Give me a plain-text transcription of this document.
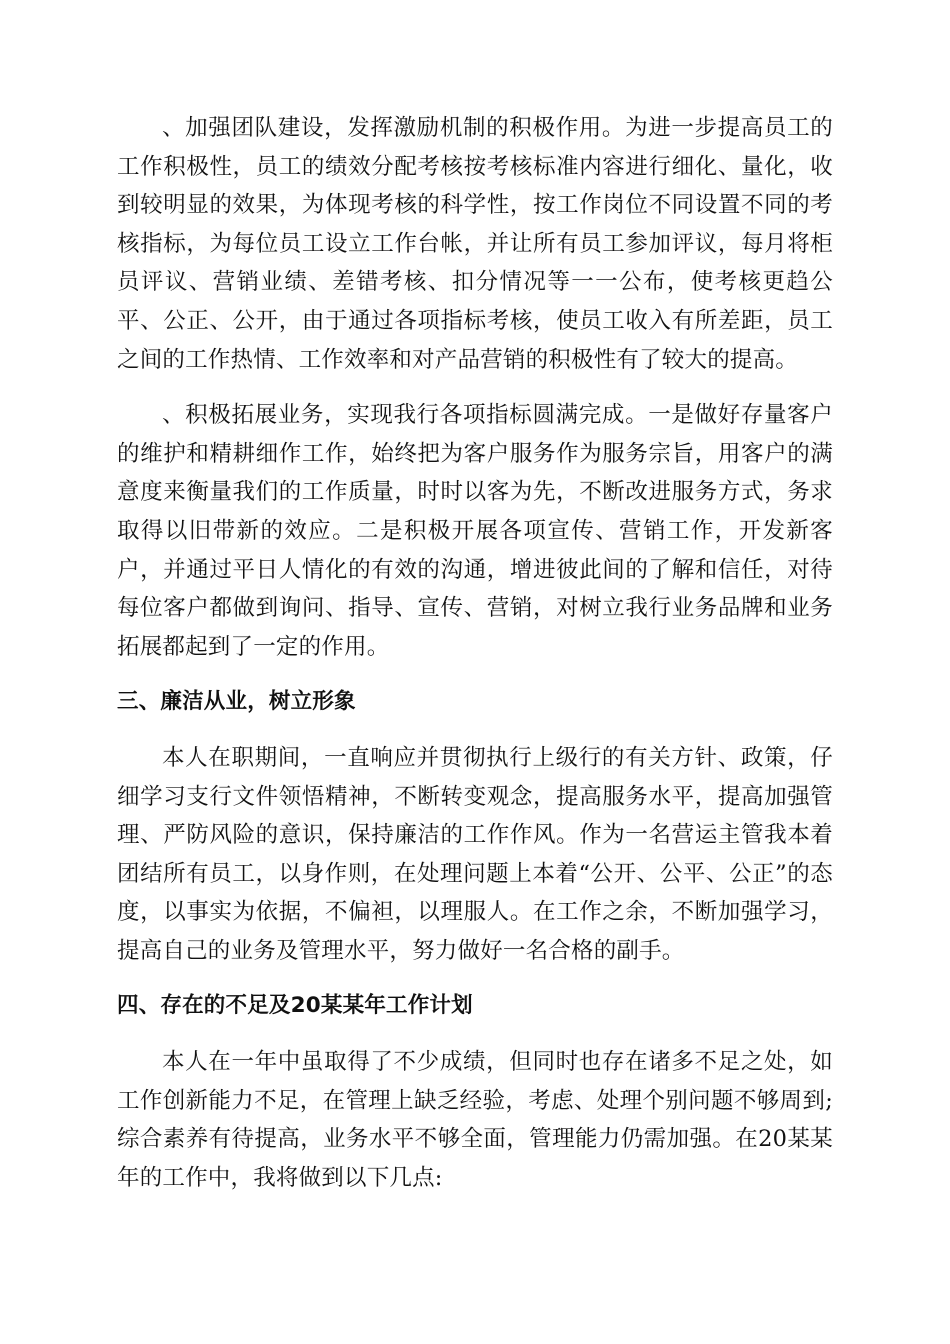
、加强团队建设，发挥激励机制的积极作用。为进一步提高员工的工作积极性，员工的绩效分配考核按考核标准内容进行细化、量化，收到较明显的效果，为体现考核的科学性，按工作岗位不同设置不同的考核指标，为每位员工设立工作台帐，并让所有员工参加评议，每月将柜员评议、营销业绩、差错考核、扣分情况等一一公布，使考核更趋公平、公正、公开，由于通过各项指标考核，使员工收入有所差距，员工之间的工作热情、工作效率和对产品营销的积极性有了较大的提高。

、积极拓展业务，实现我行各项指标圆满完成。一是做好存量客户的维护和精耕细作工作，始终把为客户服务作为服务宗旨，用客户的满意度来衡量我们的工作质量，时时以客为先，不断改进服务方式，务求取得以旧带新的效应。二是积极开展各项宣传、营销工作，开发新客户，并通过平日人情化的有效的沟通，增进彼此间的了解和信任，对待每位客户都做到询问、指导、宣传、营销，对树立我行业务品牌和业务拓展都起到了一定的作用。

三、廉洁从业，树立形象

本人在职期间，一直响应并贯彻执行上级行的有关方针、政策，仔细学习支行文件领悟精神，不断转变观念，提高服务水平，提高加强管理、严防风险的意识，保持廉洁的工作作风。作为一名营运主管我本着团结所有员工，以身作则，在处理问题上本着“公开、公平、公正”的态度，以事实为依据，不偏袒，以理服人。在工作之余，不断加强学习，提高自己的业务及管理水平，努力做好一名合格的副手。

四、存在的不足及20某某年工作计划

本人在一年中虽取得了不少成绩，但同时也存在诸多不足之处，如工作创新能力不足，在管理上缺乏经验，考虑、处理个别问题不够周到;综合素养有待提高，业务水平不够全面，管理能力仍需加强。在20某某年的工作中，我将做到以下几点:
